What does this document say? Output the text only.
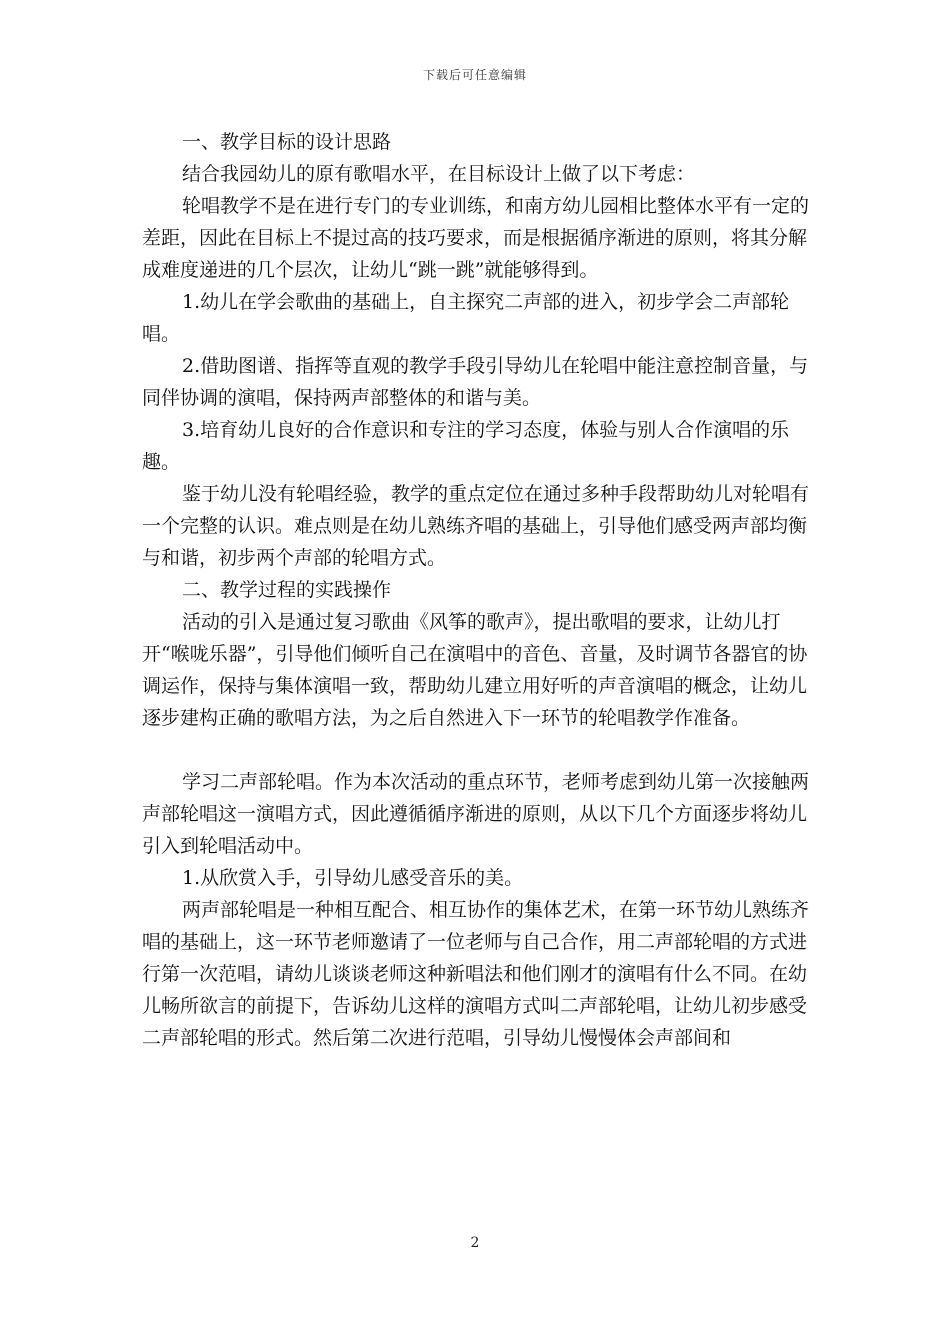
下载后可任意编辑

一、教学目标的设计思路

结合我园幼儿的原有歌唱水平，在目标设计上做了以下考虑：

轮唱教学不是在进行专门的专业训练，和南方幼儿园相比整体水平有一定的差距，因此在目标上不提过高的技巧要求，而是根据循序渐进的原则，将其分解成难度递进的几个层次，让幼儿“跳一跳”就能够得到。

1.幼儿在学会歌曲的基础上，自主探究二声部的进入，初步学会二声部轮唱。

2.借助图谱、指挥等直观的教学手段引导幼儿在轮唱中能注意控制音量，与同伴协调的演唱，保持两声部整体的和谐与美。

3.培育幼儿良好的合作意识和专注的学习态度，体验与别人合作演唱的乐趣。

鉴于幼儿没有轮唱经验，教学的重点定位在通过多种手段帮助幼儿对轮唱有一个完整的认识。难点则是在幼儿熟练齐唱的基础上，引导他们感受两声部均衡与和谐，初步两个声部的轮唱方式。

二、教学过程的实践操作

活动的引入是通过复习歌曲《风筝的歌声》，提出歌唱的要求，让幼儿打开“喉咙乐器”，引导他们倾听自己在演唱中的音色、音量，及时调节各器官的协调运作，保持与集体演唱一致，帮助幼儿建立用好听的声音演唱的概念，让幼儿逐步建构正确的歌唱方法，为之后自然进入下一环节的轮唱教学作准备。

学习二声部轮唱。作为本次活动的重点环节，老师考虑到幼儿第一次接触两声部轮唱这一演唱方式，因此遵循循序渐进的原则，从以下几个方面逐步将幼儿引入到轮唱活动中。

1.从欣赏入手，引导幼儿感受音乐的美。

两声部轮唱是一种相互配合、相互协作的集体艺术，在第一环节幼儿熟练齐唱的基础上，这一环节老师邀请了一位老师与自己合作，用二声部轮唱的方式进行第一次范唱，请幼儿谈谈老师这种新唱法和他们刚才的演唱有什么不同。在幼儿畅所欲言的前提下，告诉幼儿这样的演唱方式叫二声部轮唱，让幼儿初步感受二声部轮唱的形式。然后第二次进行范唱，引导幼儿慢慢体会声部间和

2
